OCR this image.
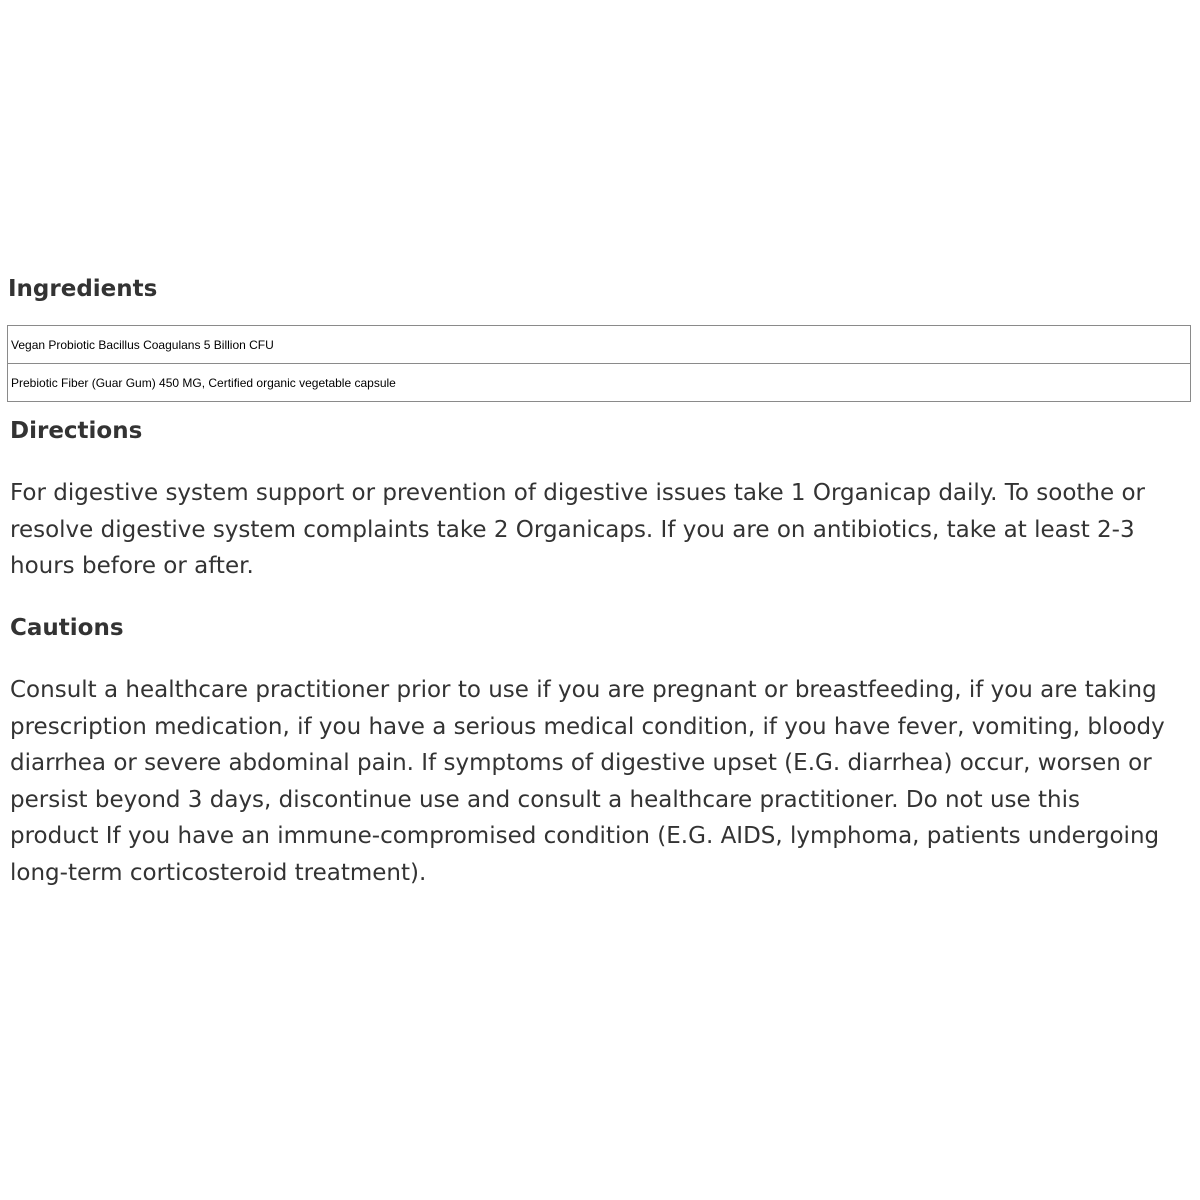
Ingredients
Vegan Probiotic Bacillus Coagulans 5 Billion CFU
Prebiotic Fiber (Guar Gum) 450 MG, Certified organic vegetable capsule
Directions

For digestive system support or prevention of digestive issues take 1 Organicap daily. To soothe or
resolve digestive system complaints take 2 Organicaps. If you are on antibiotics, take at least 2-3
hours before or after.

Cautions

Consult a healthcare practitioner prior to use if you are pregnant or breastfeeding, if you are taking
prescription medication, if you have a serious medical condition, if you have fever, vomiting, bloody
diarrhea or severe abdominal pain. If symptoms of digestive upset (E.G. diarrhea) occur, worsen or
persist beyond 3 days, discontinue use and consult a healthcare practitioner. Do not use this
product If you have an immune-compromised condition (E.G. AIDS, lymphoma, patients undergoing
long-term corticosteroid treatment).
